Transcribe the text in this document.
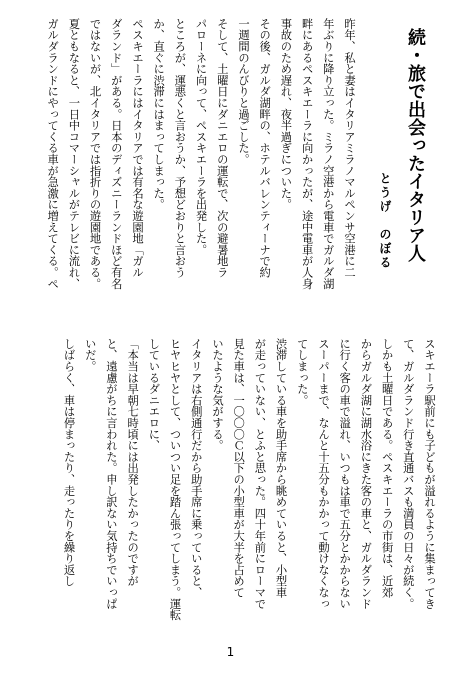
続・旅で出会ったイタリア人
とうげ　のぼる
昨年、私と妻はイタリアミラノマルペンサ空港に二
年ぶりに降り立った。ミラノ空港から電車でガルダ湖
畔にあるペスキエーラに向かったが、途中電車が人身
事故のため遅れ、夜半過ぎについた。
その後、ガルダ湖畔の、ホテルバレンティーナで約
一週間のんびりと過ごした。
そして、土曜日にダニエロの運転で、次の避暑地ラ
パローネに向って、ペスキエーラを出発した。
ところが、運悪くと言おうか、予想どおりと言おう
か、直ぐに渋滞にはまってしまった。
ペスキエーラにはイタリアでは有名な遊園地「ガル
ダランド」がある。日本のディズニーランドほど有名
ではないが、北イタリアでは指折りの遊園地である。
夏ともなると、一日中コマーシャルがテレビに流れ、
ガルダランドにやってくる車が急激に増えてくる。ペ
スキエーラ駅前にも子どもが溢れるように集まってき
て、ガルダランド行き直通バスも満員の日々が続く。
しかも土曜日である。ペスキエーラの市街は、近郊
からガルダ湖に湖水浴にきた客の車と、ガルダランド
に行く客の車で溢れ、いつもは車で五分とかからない
スーパーまで、なんと十五分もかかって動けなくなっ
てしまった。
渋滞している車を助手席から眺めていると、小型車
が走っていない、とふと思った。四十年前にローマで
見た車は、一〇〇〇Ｃ以下の小型車が大半を占めて
いたような気がする。
イタリアは右側通行だから助手席に乗っていると、
ヒヤヒヤとして、ついつい足を踏ん張ってしまう。運転
しているダニエロに、
「本当は早朝七時頃には出発したかったのですが
と、遠慮がちに言われた。申し訳ない気持ちでいっぱ
いだ。
しばらく、車は停まったり、走ったりを繰り返し
1
